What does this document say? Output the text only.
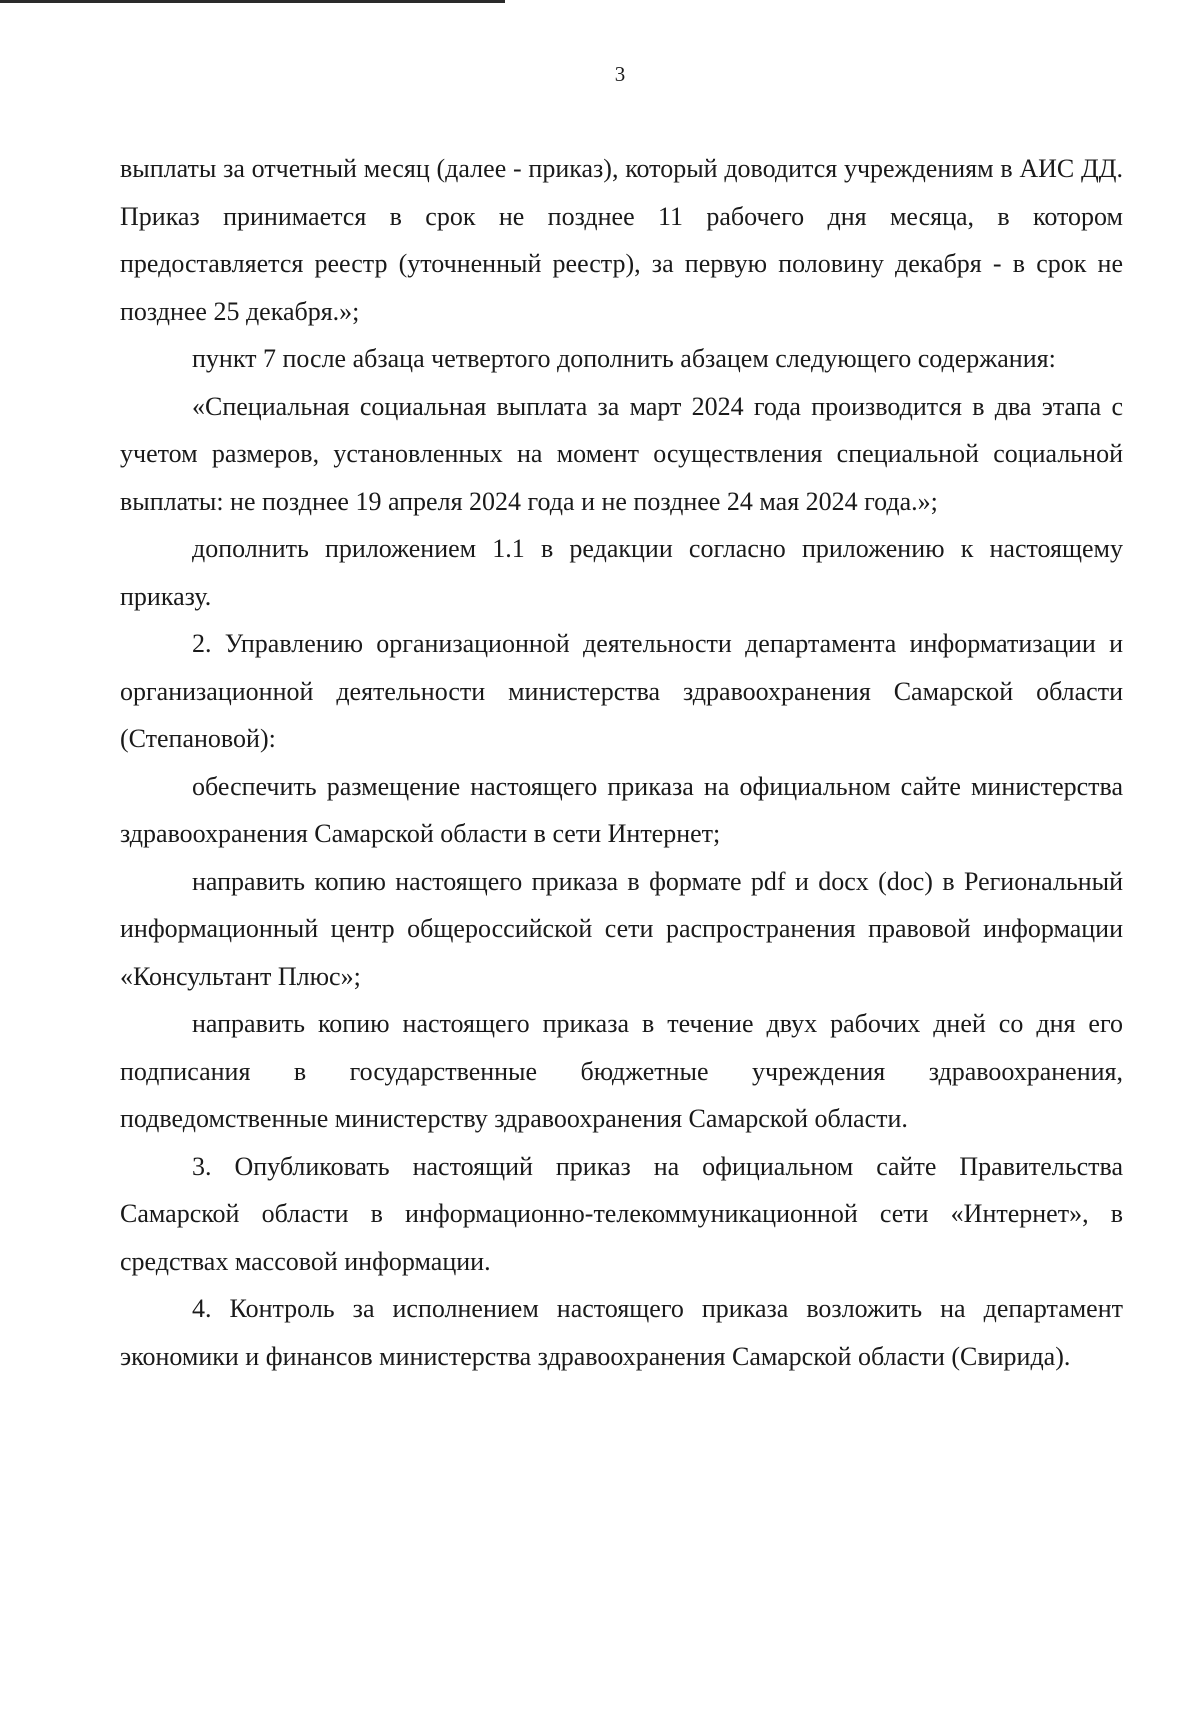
3

выплаты за отчетный месяц (далее - приказ), который доводится учреждениям в АИС ДД. Приказ принимается в срок не позднее 11 рабочего дня месяца, в котором предоставляется реестр (уточненный реестр), за первую половину декабря - в срок не позднее 25 декабря.»;

пункт 7 после абзаца четвертого дополнить абзацем следующего содержания:

«Специальная социальная выплата за март 2024 года производится в два этапа с учетом размеров, установленных на момент осуществления специальной социальной выплаты: не позднее 19 апреля 2024 года и не позднее 24 мая 2024 года.»;

дополнить приложением 1.1 в редакции согласно приложению к настоящему приказу.

2. Управлению организационной деятельности департамента информатизации и организационной деятельности министерства здравоохранения Самарской области (Степановой):

обеспечить размещение настоящего приказа на официальном сайте министерства здравоохранения Самарской области в сети Интернет;

направить копию настоящего приказа в формате pdf и docx (doc) в Региональный информационный центр общероссийской сети распространения правовой информации «Консультант Плюс»;

направить копию настоящего приказа в течение двух рабочих дней со дня его подписания в государственные бюджетные учреждения здравоохранения, подведомственные министерству здравоохранения Самарской области.

3. Опубликовать настоящий приказ на официальном сайте Правительства Самарской области в информационно-телекоммуникационной сети «Интернет», в средствах массовой информации.

4. Контроль за исполнением настоящего приказа возложить на департамент экономики и финансов министерства здравоохранения Самарской области (Свирида).
